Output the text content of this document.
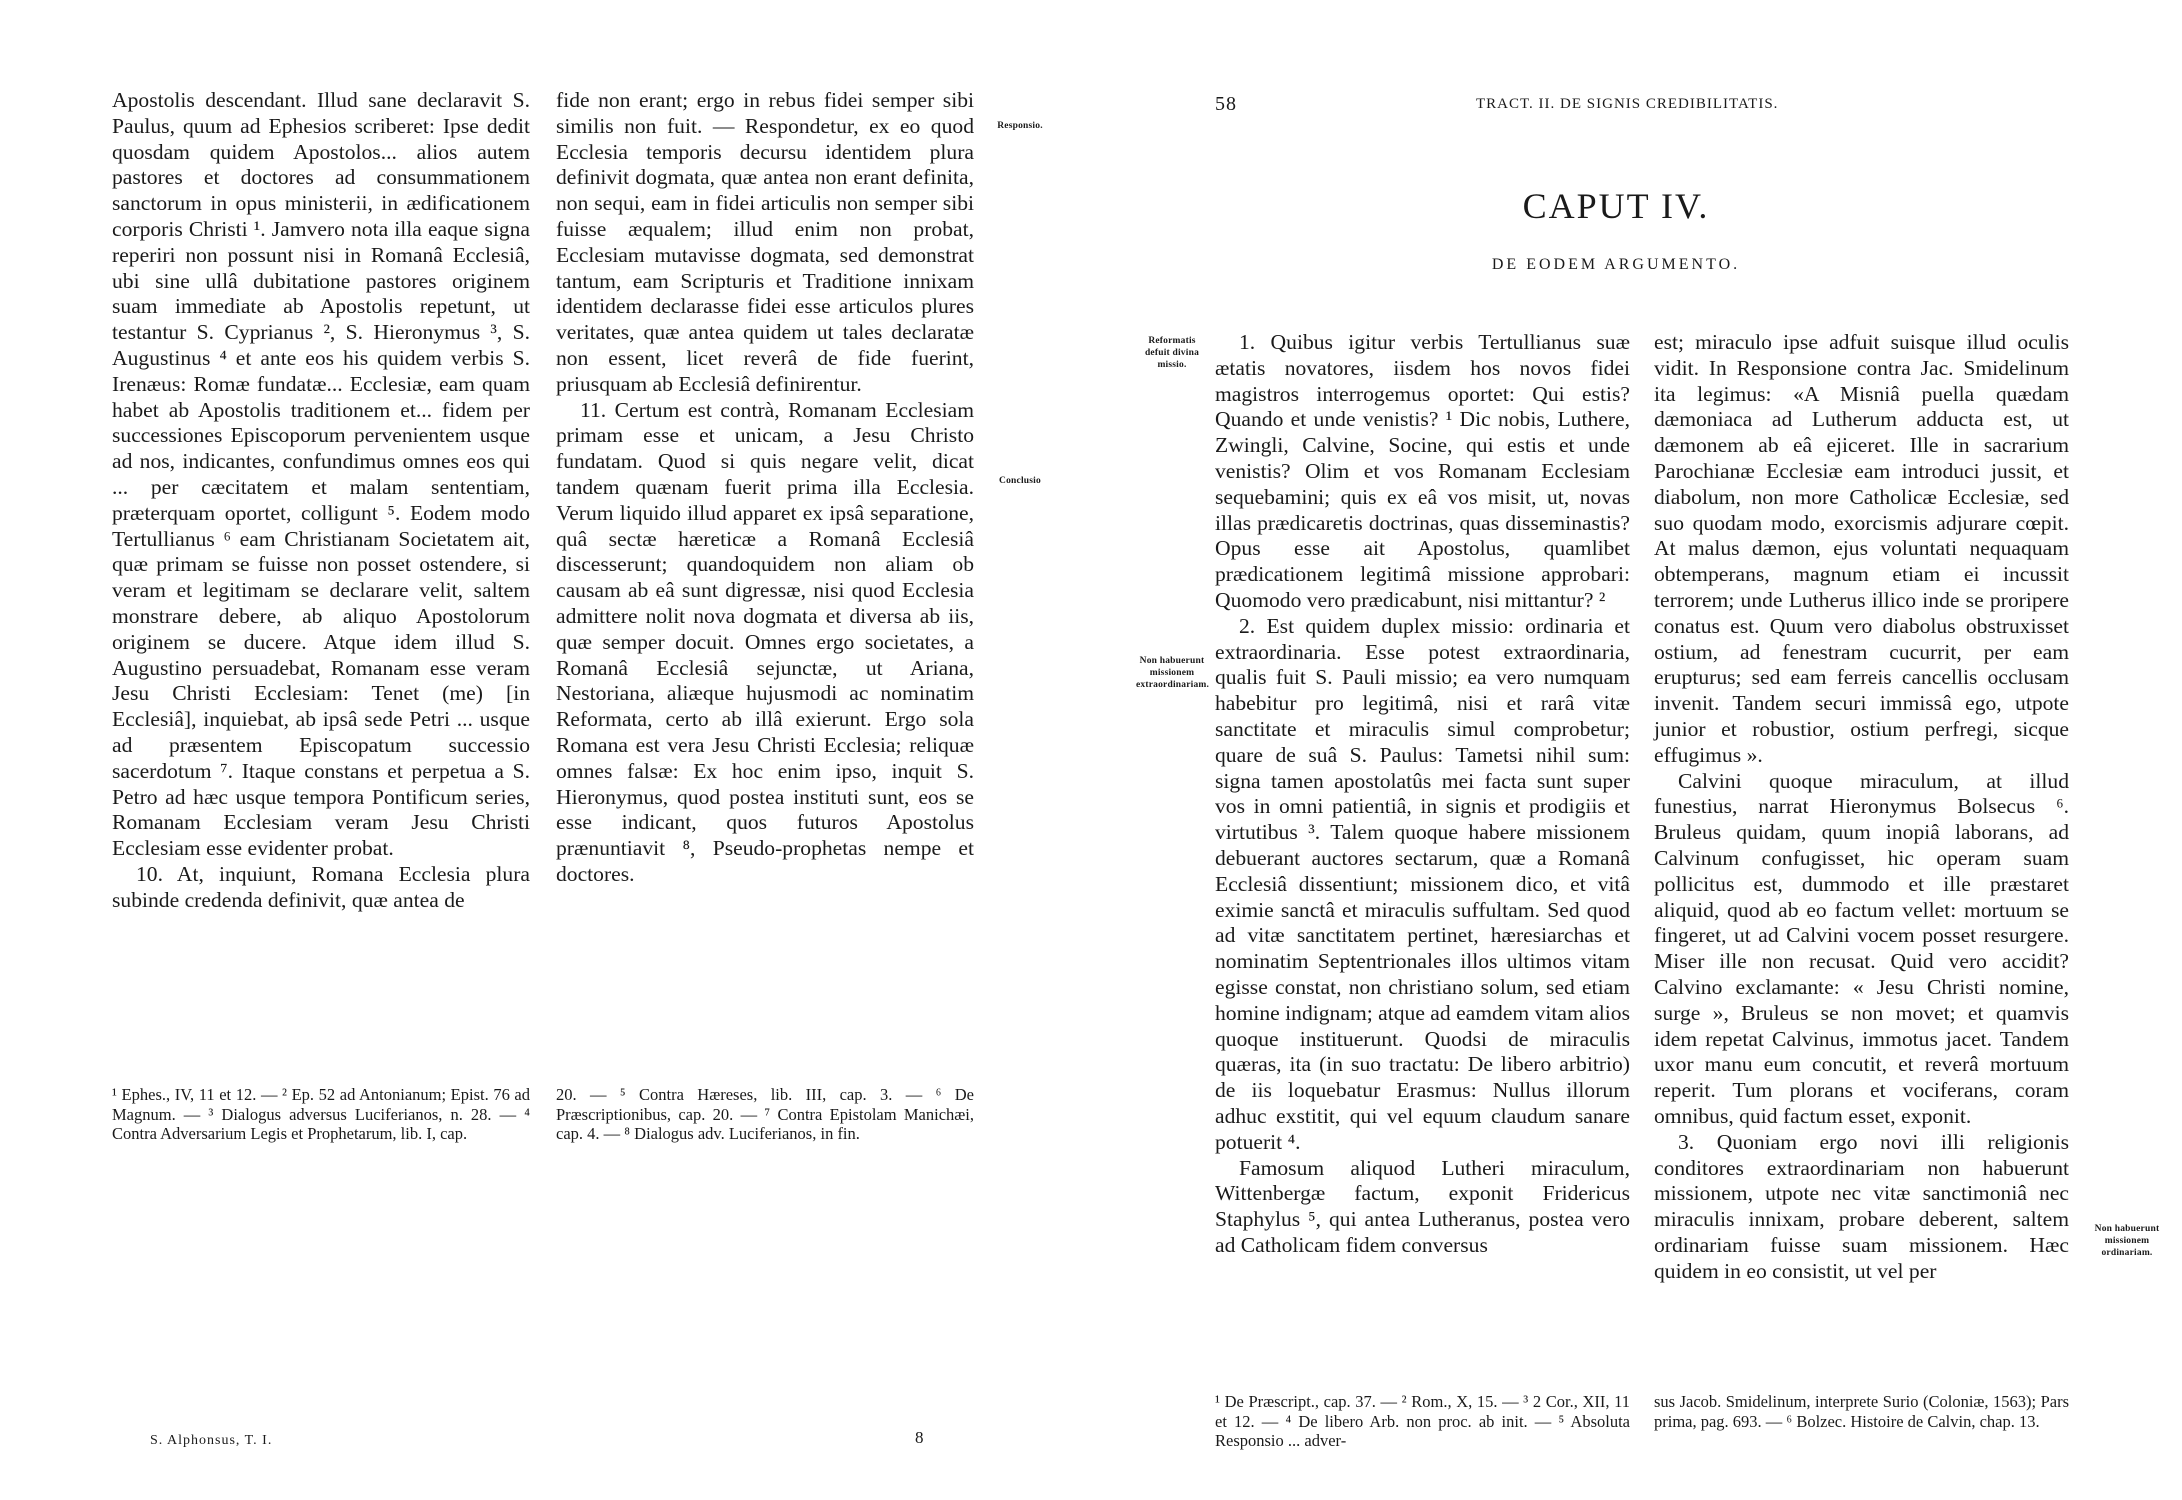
Apostolis descendant. Illud sane declaravit S. Paulus, quum ad Ephesios scriberet: Ipse dedit quosdam quidem Apostolos... alios autem pastores et doctores ad consummationem sanctorum in opus ministerii, in ædificationem corporis Christi ¹. Jamvero nota illa eaque signa reperiri non possunt nisi in Romanâ Ecclesiâ, ubi sine ullâ dubitatione pastores originem suam immediate ab Apostolis repetunt, ut testantur S. Cyprianus ², S. Hieronymus ³, S. Augustinus ⁴ et ante eos his quidem verbis S. Irenæus: Romæ fundatæ... Ecclesiæ, eam quam habet ab Apostolis traditionem et... fidem per successiones Episcoporum pervenientem usque ad nos, indicantes, confundimus omnes eos qui ... per cæcitatem et malam sententiam, præterquam oportet, colligunt ⁵. Eodem modo Tertullianus ⁶ eam Christianam Societatem ait, quæ primam se fuisse non posset ostendere, si veram et legitimam se declarare velit, saltem monstrare debere, ab aliquo Apostolorum originem se ducere. Atque idem illud S. Augustino persuadebat, Romanam esse veram Jesu Christi Ecclesiam: Tenet (me) [in Ecclesiâ], inquiebat, ab ipsâ sede Petri ... usque ad præsentem Episcopatum successio sacerdotum ⁷. Itaque constans et perpetua a S. Petro ad hæc usque tempora Pontificum series, Romanam Ecclesiam veram Jesu Christi Ecclesiam esse evidenter probat.

10. At, inquiunt, Romana Ecclesia plura subinde credenda definivit, quæ antea de

fide non erant; ergo in rebus fidei semper sibi similis non fuit. — Respondetur, ex eo quod Ecclesia temporis decursu identidem plura definivit dogmata, quæ antea non erant definita, non sequi, eam in fidei articulis non semper sibi fuisse æqualem; illud enim non probat, Ecclesiam mutavisse dogmata, sed demonstrat tantum, eam Scripturis et Traditione innixam identidem declarasse fidei esse articulos plures veritates, quæ antea quidem ut tales declaratæ non essent, licet reverâ de fide fuerint, priusquam ab Ecclesiâ definirentur.

11. Certum est contrà, Romanam Ecclesiam primam esse et unicam, a Jesu Christo fundatam. Quod si quis negare velit, dicat tandem quænam fuerit prima illa Ecclesia. Verum liquido illud apparet ex ipsâ separatione, quâ sectæ hæreticæ a Romanâ Ecclesiâ discesserunt; quandoquidem non aliam ob causam ab eâ sunt digressæ, nisi quod Ecclesia admittere nolit nova dogmata et diversa ab iis, quæ semper docuit. Omnes ergo societates, a Romanâ Ecclesiâ sejunctæ, ut Ariana, Nestoriana, aliæque hujusmodi ac nominatim Reformata, certo ab illâ exierunt. Ergo sola Romana est vera Jesu Christi Ecclesia; reliquæ omnes falsæ: Ex hoc enim ipso, inquit S. Hieronymus, quod postea instituti sunt, eos se esse indicant, quos futuros Apostolus prænuntiavit ⁸, Pseudo-prophetas nempe et doctores.

Responsio.
Conclusio
¹ Ephes., IV, 11 et 12. — ² Ep. 52 ad Antonianum; Epist. 76 ad Magnum. — ³ Dialogus adversus Luciferianos, n. 28. — ⁴ Contra Adversarium Legis et Prophetarum, lib. I, cap.
20. — ⁵ Contra Hæreses, lib. III, cap. 3. — ⁶ De Præscriptionibus, cap. 20. — ⁷ Contra Epistolam Manichæi, cap. 4. — ⁸ Dialogus adv. Luciferianos, in fin.
S. Alphonsus, T. I.	8
58	TRACT. II. DE SIGNIS CREDIBILITATIS.
CAPUT IV.
DE EODEM ARGUMENTO.
Reformatis defuit divina missio.
Non habuerunt missionem extraordinariam.
Non habuerunt missionem ordinariam.

1. Quibus igitur verbis Tertullianus suæ ætatis novatores, iisdem hos novos fidei magistros interrogemus oportet: Qui estis? Quando et unde venistis? ¹ Dic nobis, Luthere, Zwingli, Calvine, Socine, qui estis et unde venistis? Olim et vos Romanam Ecclesiam sequebamini; quis ex eâ vos misit, ut, novas illas prædicaretis doctrinas, quas disseminastis? Opus esse ait Apostolus, quamlibet prædicationem legitimâ missione approbari: Quomodo vero prædicabunt, nisi mittantur? ²

2. Est quidem duplex missio: ordinaria et extraordinaria. Esse potest extraordinaria, qualis fuit S. Pauli missio; ea vero numquam habebitur pro legitimâ, nisi et rarâ vitæ sanctitate et miraculis simul comprobetur; quare de suâ S. Paulus: Tametsi nihil sum: signa tamen apostolatûs mei facta sunt super vos in omni patientiâ, in signis et prodigiis et virtutibus ³. Talem quoque habere missionem debuerant auctores sectarum, quæ a Romanâ Ecclesiâ dissentiunt; missionem dico, et vitâ eximie sanctâ et miraculis suffultam. Sed quod ad vitæ sanctitatem pertinet, hæresiarchas et nominatim Septentrionales illos ultimos vitam egisse constat, non christiano solum, sed etiam homine indignam; atque ad eamdem vitam alios quoque instituerunt. Quodsi de miraculis quæras, ita (in suo tractatu: De libero arbitrio) de iis loquebatur Erasmus: Nullus illorum adhuc exstitit, qui vel equum claudum sanare potuerit ⁴.

Famosum aliquod Lutheri miraculum, Wittenbergæ factum, exponit Fridericus Staphylus ⁵, qui antea Lutheranus, postea vero ad Catholicam fidem conversus

est; miraculo ipse adfuit suisque illud oculis vidit. In Responsione contra Jac. Smidelinum ita legimus: «A Misniâ puella quædam dæmoniaca ad Lutherum adducta est, ut dæmonem ab eâ ejiceret. Ille in sacrarium Parochianæ Ecclesiæ eam introduci jussit, et diabolum, non more Catholicæ Ecclesiæ, sed suo quodam modo, exorcismis adjurare cœpit. At malus dæmon, ejus voluntati nequaquam obtemperans, magnum etiam ei incussit terrorem; unde Lutherus illico inde se proripere conatus est. Quum vero diabolus obstruxisset ostium, ad fenestram cucurrit, per eam erupturus; sed eam ferreis cancellis occlusam invenit. Tandem securi immissâ ego, utpote junior et robustior, ostium perfregi, sicque effugimus ».

Calvini quoque miraculum, at illud funestius, narrat Hieronymus Bolsecus ⁶. Bruleus quidam, quum inopiâ laborans, ad Calvinum confugisset, hic operam suam pollicitus est, dummodo et ille præstaret aliquid, quod ab eo factum vellet: mortuum se fingeret, ut ad Calvini vocem posset resurgere. Miser ille non recusat. Quid vero accidit? Calvino exclamante: « Jesu Christi nomine, surge », Bruleus se non movet; et quamvis idem repetat Calvinus, immotus jacet. Tandem uxor manu eum concutit, et reverâ mortuum reperit. Tum plorans et vociferans, coram omnibus, quid factum esset, exponit.

3. Quoniam ergo novi illi religionis conditores extraordinariam non habuerunt missionem, utpote nec vitæ sanctimoniâ nec miraculis innixam, probare deberent, saltem ordinariam fuisse suam missionem. Hæc quidem in eo consistit, ut vel per

¹ De Præscript., cap. 37. — ² Rom., X, 15. — ³ 2 Cor., XII, 11 et 12. — ⁴ De libero Arb. non proc. ab init. — ⁵ Absoluta Responsio ... adver-
sus Jacob. Smidelinum, interprete Surio (Coloniæ, 1563); Pars prima, pag. 693. — ⁶ Bolzec. Histoire de Calvin, chap. 13.
